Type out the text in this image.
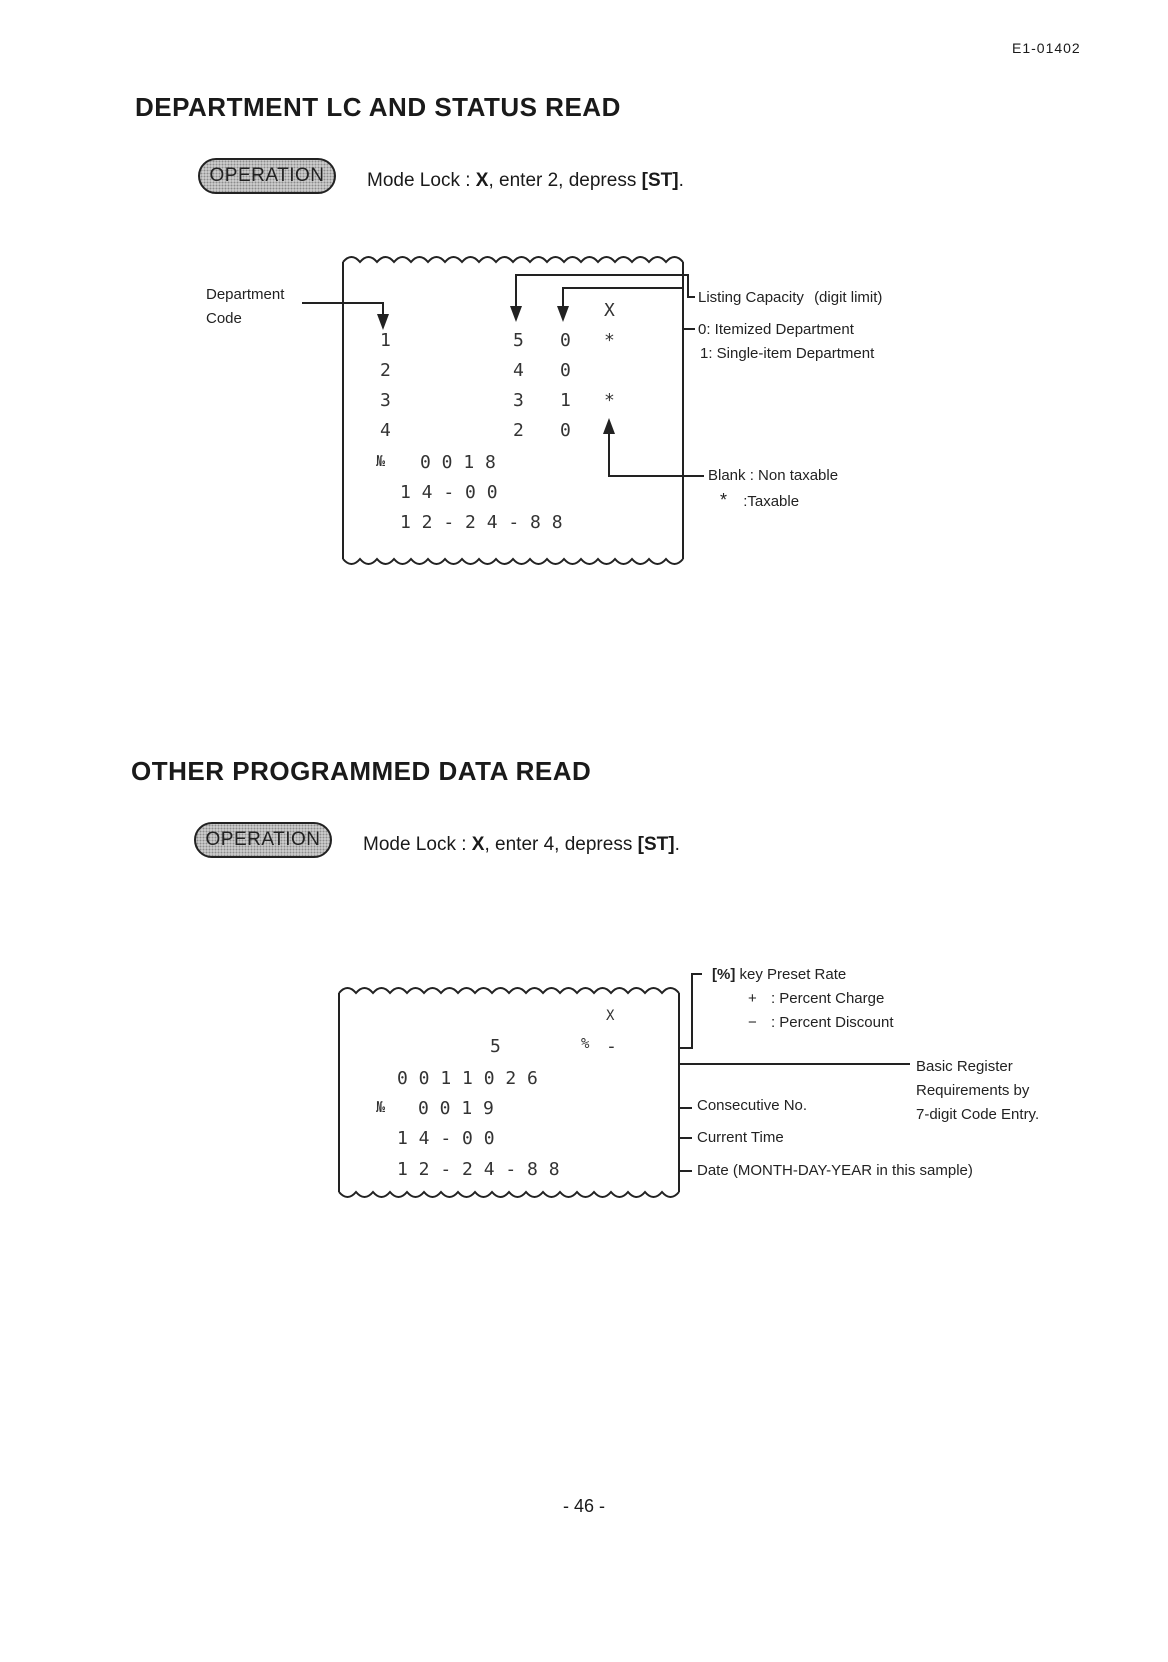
E1-01402
DEPARTMENT LC AND STATUS READ
OPERATION	Mode Lock : X, enter 2, depress [ST].
X
1	5 0 *
2	4 0
3	3 1 *
4	2 0
№ 0 0 1 8
1 4 - 0 0
1 2 - 2 4 - 8 8
Department
Code
Listing Capacity (digit limit)
0: Itemized Department
1: Single-item Department
Blank : Non taxable
* :Taxable
OTHER PROGRAMMED DATA READ
OPERATION	Mode Lock : X, enter 4, depress [ST].
X
5	% -
0 0 1 1 0 2 6
№ 0 0 1 9
1 4 - 0 0
1 2 - 2 4 - 8 8
[%] key Preset Rate
+ : Percent Charge
− : Percent Discount
Basic Register
Requirements by
7-digit Code Entry.
Consecutive No.
Current Time
Date (MONTH-DAY-YEAR in this sample)
- 46 -
